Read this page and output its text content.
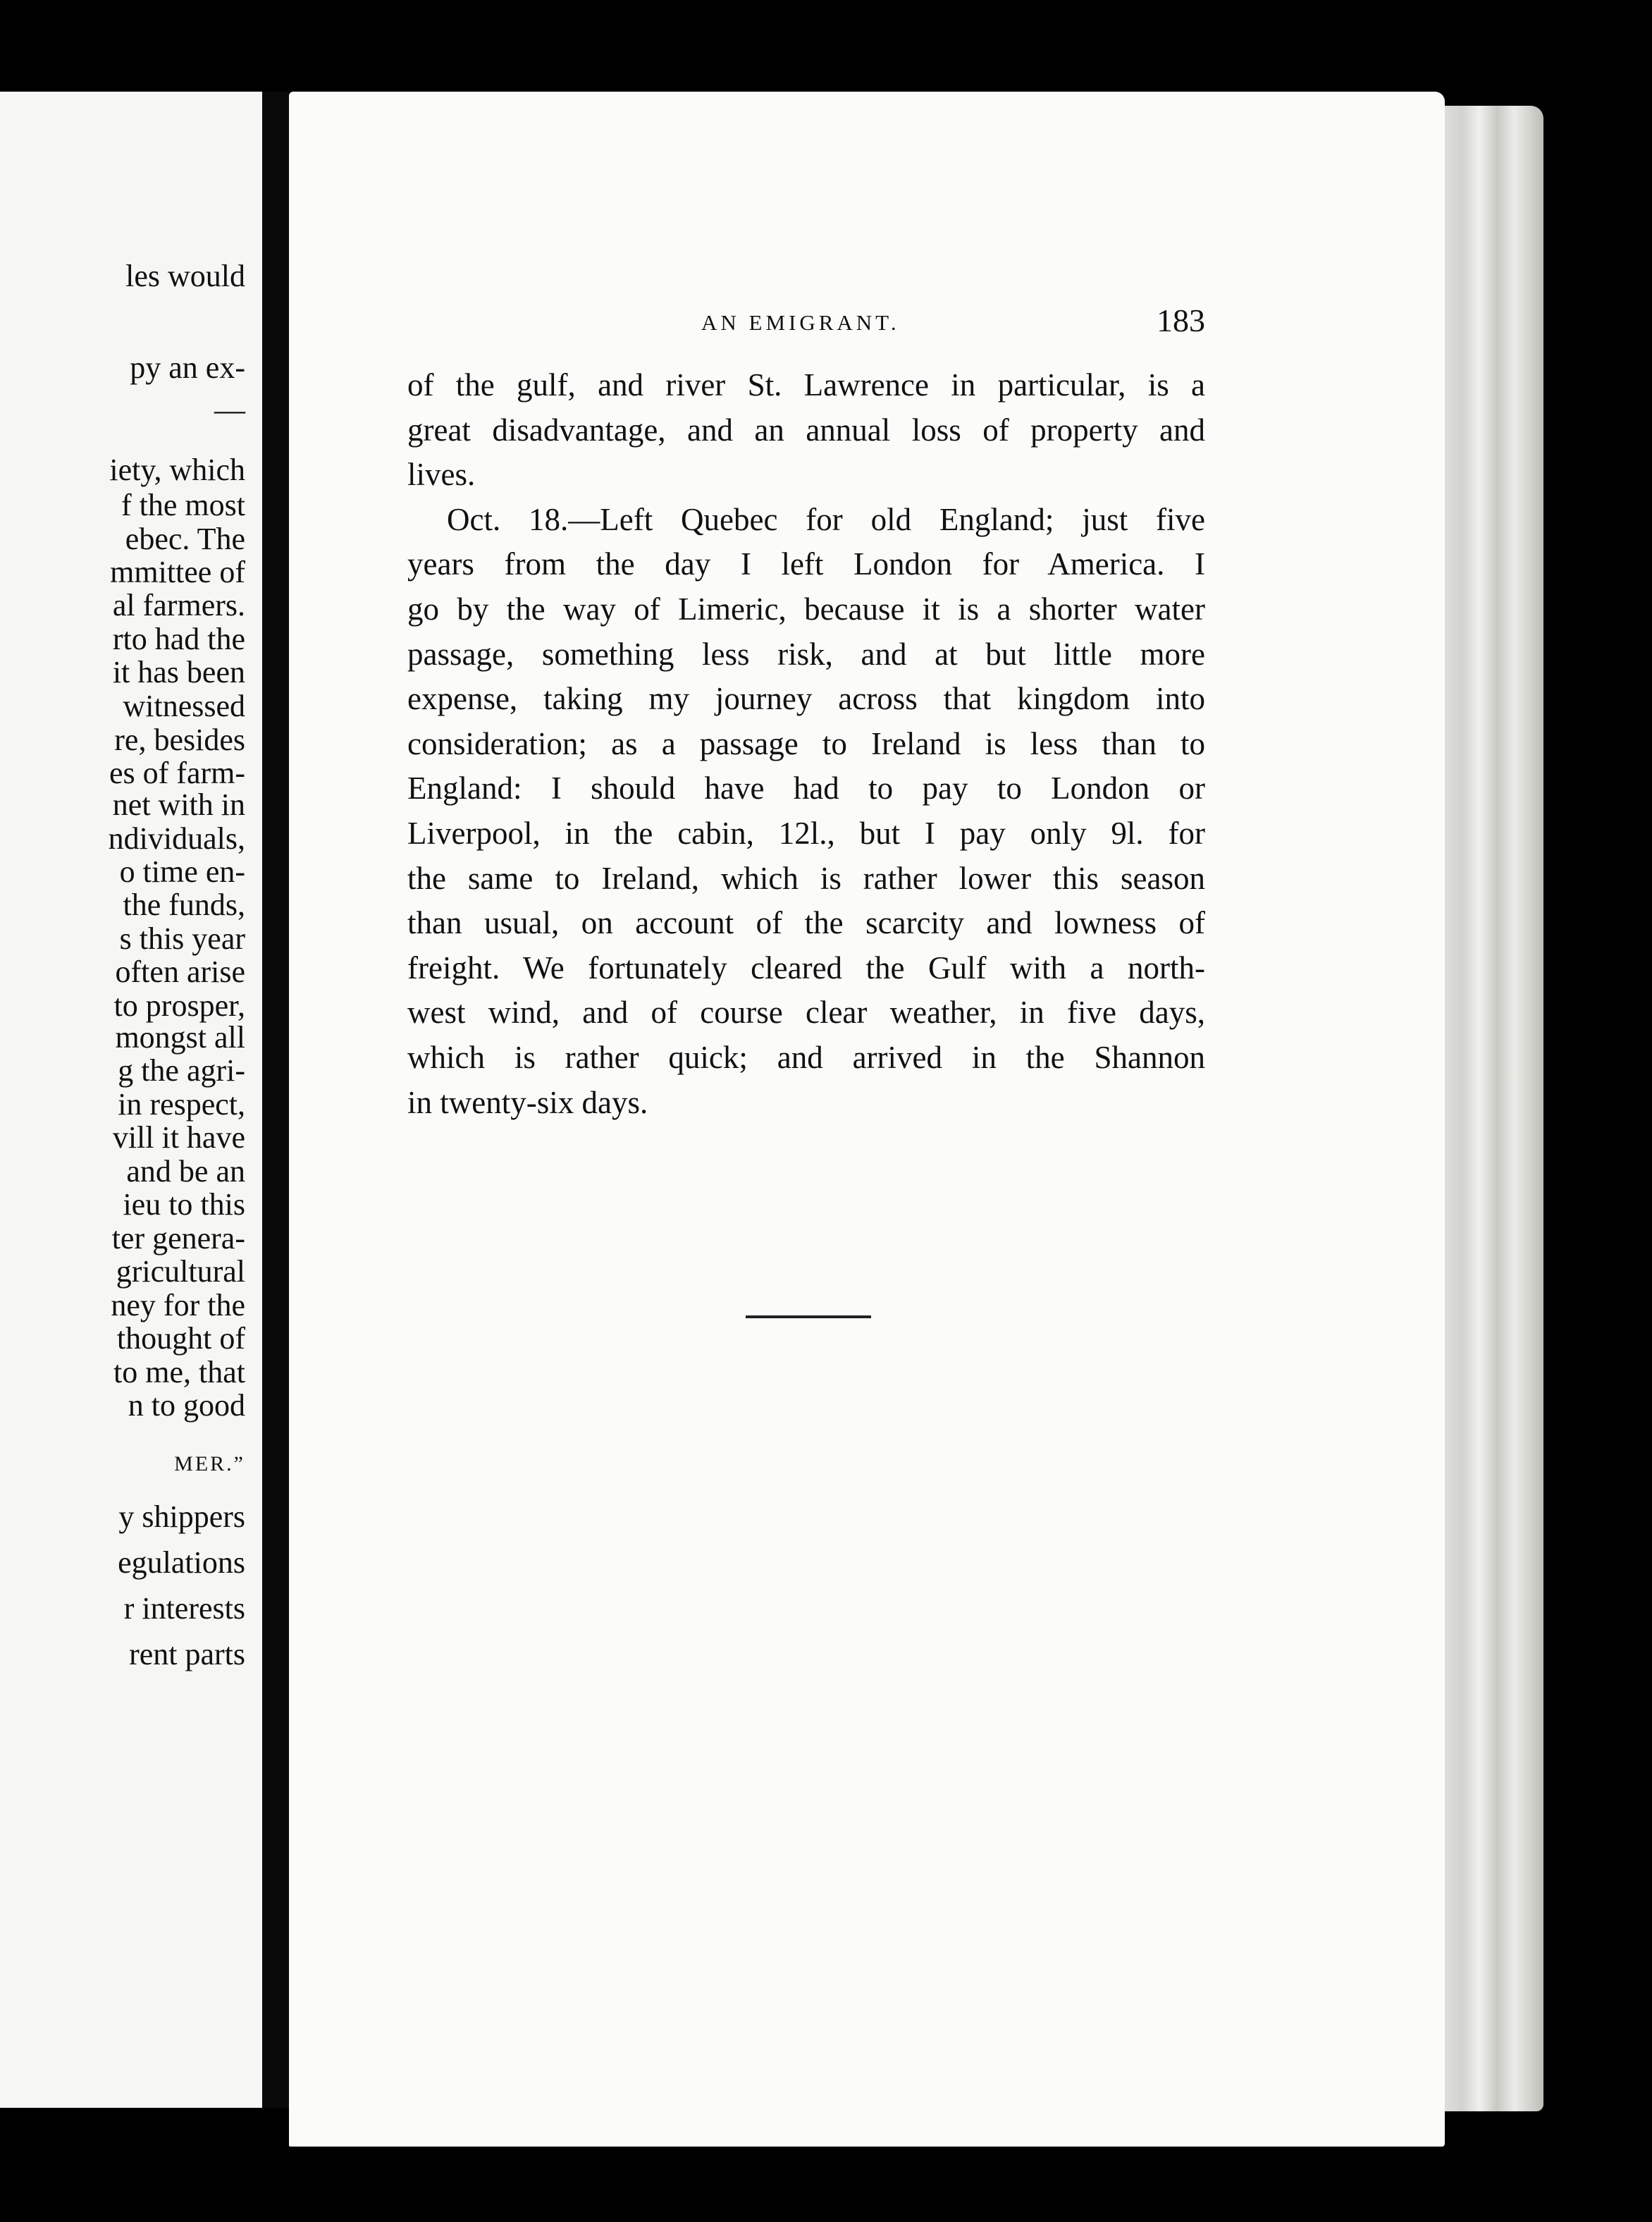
les would
py an ex-
—
iety, which
f the most
ebec. The
mmittee of
al farmers.
rto had the
it has been
witnessed
re, besides
es of farm-
net with in
ndividuals,
o time en-
the funds,
s this year
often arise
to prosper,
mongst all
g the agri-
in respect,
vill it have
and be an
ieu to this
ter genera-
gricultural
ney for the
thought of
to me, that
n to good
MER.”
y shippers
egulations
r interests
rent parts
AN EMIGRANT.	183
of the gulf, and river St. Lawrence in particular, is a
great disadvantage, and an annual loss of property and
lives.
Oct. 18.—Left Quebec for old England; just five
years from the day I left London for America. I
go by the way of Limeric, because it is a shorter water
passage, something less risk, and at but little more
expense, taking my journey across that kingdom into
consideration; as a passage to Ireland is less than to
England: I should have had to pay to London or
Liverpool, in the cabin, 12l., but I pay only 9l. for
the same to Ireland, which is rather lower this season
than usual, on account of the scarcity and lowness of
freight. We fortunately cleared the Gulf with a north-
west wind, and of course clear weather, in five days,
which is rather quick; and arrived in the Shannon
in twenty-six days.
